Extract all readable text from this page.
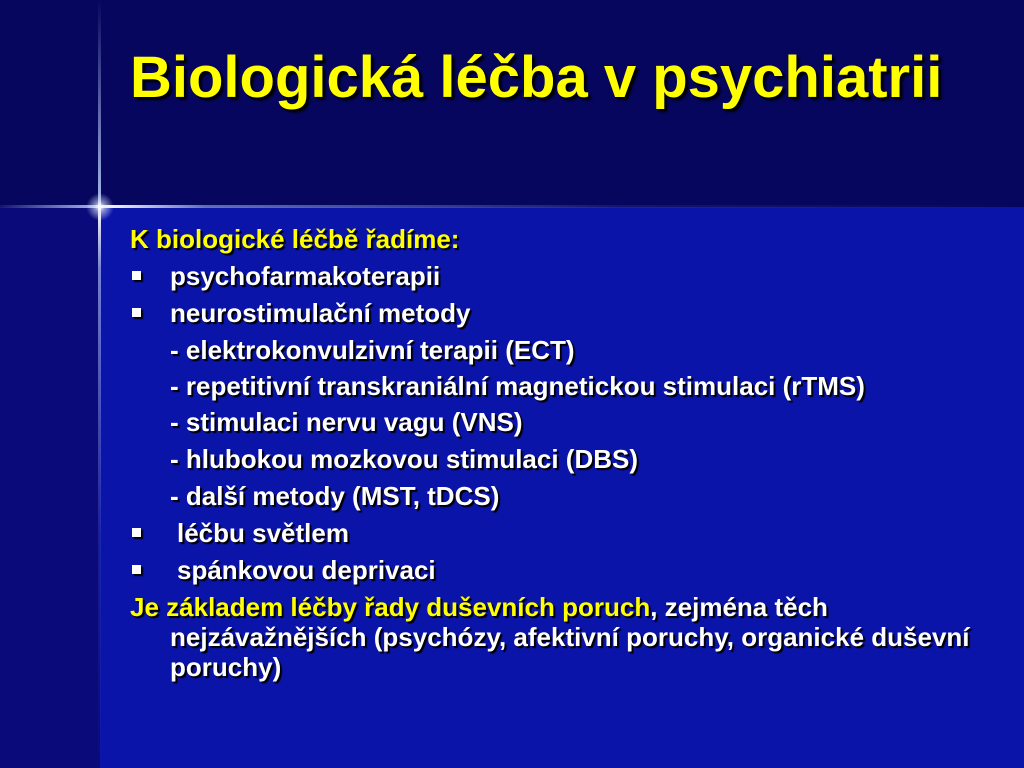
Biologická léčba v psychiatrii
K biologické léčbě řadíme:
psychofarmakoterapii
neurostimulační metody
- elektrokonvulzivní terapii (ECT)
- repetitivní transkraniální magnetickou stimulaci (rTMS)
- stimulaci nervu vagu (VNS)
- hlubokou mozkovou stimulaci (DBS)
- další metody (MST, tDCS)
léčbu světlem
spánkovou deprivaci
Je základem léčby řady duševních poruch, zejména těch nejzávažnějších (psychózy, afektivní poruchy, organické duševní poruchy)
